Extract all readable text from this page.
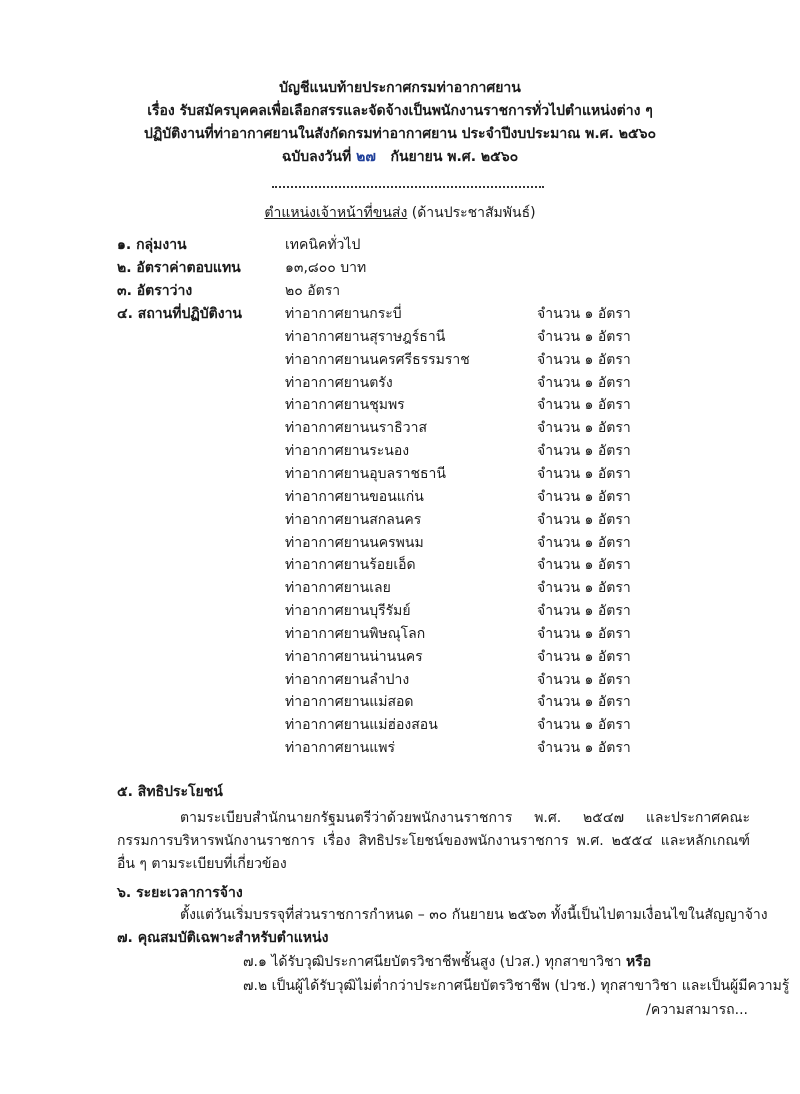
บัญชีแนบท้ายประกาศกรมท่าอากาศยาน
เรื่อง รับสมัครบุคคลเพื่อเลือกสรรและจัดจ้างเป็นพนักงานราชการทั่วไปตำแหน่งต่าง ๆ
ปฏิบัติงานที่ท่าอากาศยานในสังกัดกรมท่าอากาศยาน ประจำปีงบประมาณ พ.ศ. ๒๕๖๐
ฉบับลงวันที่ ๒๗ กันยายน พ.ศ. ๒๕๖๐
ตำแหน่งเจ้าหน้าที่ขนส่ง (ด้านประชาสัมพันธ์)
๑. กลุ่มงาน	เทคนิคทั่วไป
๒. อัตราค่าตอบแทน	๑๓,๘๐๐ บาท
๓. อัตราว่าง	๒๐ อัตรา
๔. สถานที่ปฏิบัติงาน	ท่าอากาศยานกระบี่	จำนวน ๑ อัตรา
ท่าอากาศยานสุราษฎร์ธานี	จำนวน ๑ อัตรา
ท่าอากาศยานนครศรีธรรมราช	จำนวน ๑ อัตรา
ท่าอากาศยานตรัง	จำนวน ๑ อัตรา
ท่าอากาศยานชุมพร	จำนวน ๑ อัตรา
ท่าอากาศยานนราธิวาส	จำนวน ๑ อัตรา
ท่าอากาศยานระนอง	จำนวน ๑ อัตรา
ท่าอากาศยานอุบลราชธานี	จำนวน ๑ อัตรา
ท่าอากาศยานขอนแก่น	จำนวน ๑ อัตรา
ท่าอากาศยานสกลนคร	จำนวน ๑ อัตรา
ท่าอากาศยานนครพนม	จำนวน ๑ อัตรา
ท่าอากาศยานร้อยเอ็ด	จำนวน ๑ อัตรา
ท่าอากาศยานเลย	จำนวน ๑ อัตรา
ท่าอากาศยานบุรีรัมย์	จำนวน ๑ อัตรา
ท่าอากาศยานพิษณุโลก	จำนวน ๑ อัตรา
ท่าอากาศยานน่านนคร	จำนวน ๑ อัตรา
ท่าอากาศยานลำปาง	จำนวน ๑ อัตรา
ท่าอากาศยานแม่สอด	จำนวน ๑ อัตรา
ท่าอากาศยานแม่ฮ่องสอน	จำนวน ๑ อัตรา
ท่าอากาศยานแพร่	จำนวน ๑ อัตรา
๕. สิทธิประโยชน์
ตามระเบียบสำนักนายกรัฐมนตรีว่าด้วยพนักงานราชการ พ.ศ. ๒๕๔๗ และประกาศคณะกรรมการบริหารพนักงานราชการ เรื่อง สิทธิประโยชน์ของพนักงานราชการ พ.ศ. ๒๕๕๔ และหลักเกณฑ์อื่น ๆ ตามระเบียบที่เกี่ยวข้อง
๖. ระยะเวลาการจ้าง
ตั้งแต่วันเริ่มบรรจุที่ส่วนราชการกำหนด – ๓๐ กันยายน ๒๕๖๓ ทั้งนี้เป็นไปตามเงื่อนไขในสัญญาจ้าง
๗. คุณสมบัติเฉพาะสำหรับตำแหน่ง
๗.๑ ได้รับวุฒิประกาศนียบัตรวิชาชีพชั้นสูง (ปวส.) ทุกสาขาวิชา หรือ
๗.๒ เป็นผู้ได้รับวุฒิไม่ต่ำกว่าประกาศนียบัตรวิชาชีพ (ปวช.) ทุกสาขาวิชา และเป็นผู้มีความรู้
/ความสามารถ...
